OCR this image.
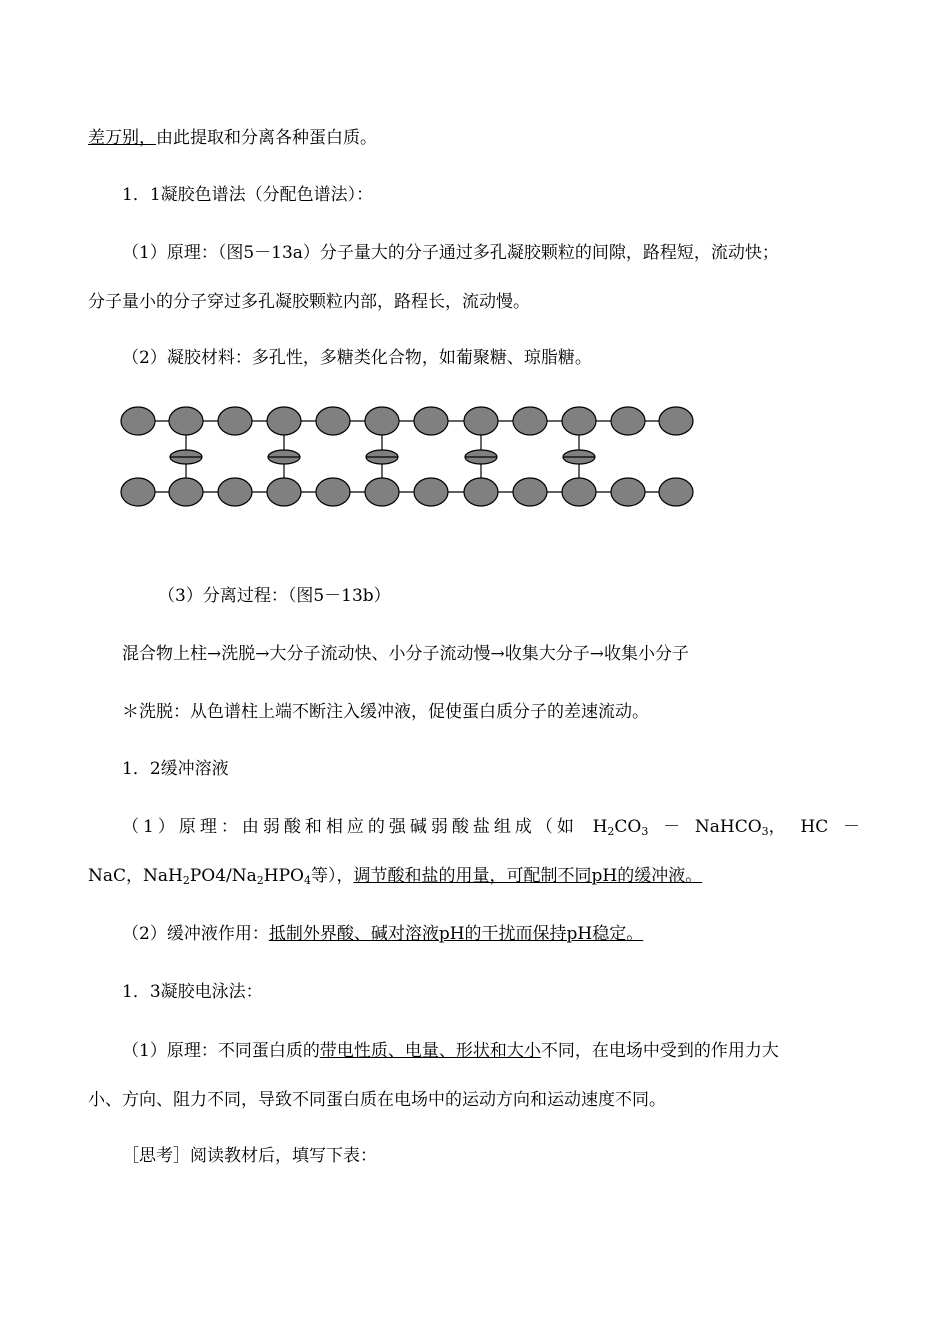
差万别，由此提取和分离各种蛋白质。
1．1凝胶色谱法（分配色谱法）：
（1）原理：（图5－13a）分子量大的分子通过多孔凝胶颗粒的间隙，路程短，流动快；
分子量小的分子穿过多孔凝胶颗粒内部，路程长，流动慢。
（2）凝胶材料：多孔性，多糖类化合物，如葡聚糖、琼脂糖。
（3）分离过程：（图5－13b）
混合物上柱→洗脱→大分子流动快、小分子流动慢→收集大分子→收集小分子
＊洗脱：从色谱柱上端不断注入缓冲液，促使蛋白质分子的差速流动。
1．2缓冲溶液
（1）原理：由弱酸和相应的强碱弱酸盐组成（如 $H_2CO_3$ － NaHCO$_3$， HC －
NaC，$NaH_2PO4/Na_2HPO_4$等），调节酸和盐的用量，可配制不同pH的缓冲液。
（2）缓冲液作用：抵制外界酸、碱对溶液pH的干扰而保持pH稳定。
1．3凝胶电泳法：
（1）原理：不同蛋白质的带电性质、电量、形状和大小不同，在电场中受到的作用力大
小、方向、阻力不同，导致不同蛋白质在电场中的运动方向和运动速度不同。
［思考］阅读教材后，填写下表：
